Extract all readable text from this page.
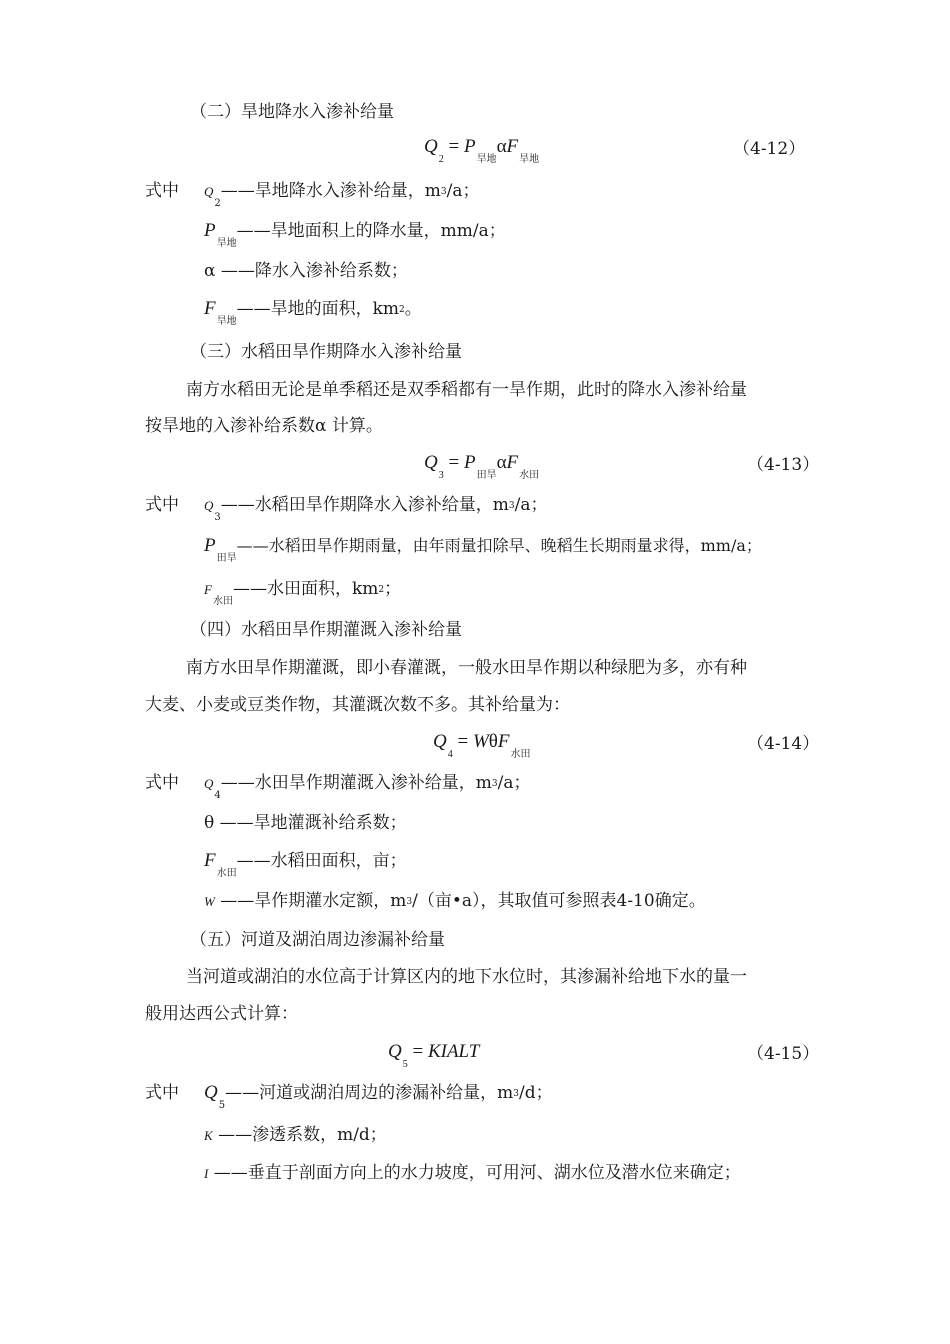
（二）旱地降水入渗补给量
$Q_2 = P_{旱地}\alpha F_{旱地}$
（4-12）
式中 $Q_2——$旱地降水入渗补给量，m3/a；
$P_{旱地}——$旱地面积上的降水量，mm/a；
α ——降水入渗补给系数；
$F_{旱地}——$旱地的面积，km2。
（三）水稻田旱作期降水入渗补给量
南方水稻田无论是单季稻还是双季稻都有一旱作期，此时的降水入渗补给量
按旱地的入渗补给系数α 计算。
$Q_3 = P_{田旱}\alpha F_{水田}$
（4-13）
式中 $Q_3——$水稻田旱作期降水入渗补给量，m3/a；
$P_{田旱}——$水稻田旱作期雨量，由年雨量扣除早、晚稻生长期雨量求得，mm/a；
$F_{水田}——$水田面积，km2；
（四）水稻田旱作期灌溉入渗补给量
南方水田旱作期灌溉，即小春灌溉，一般水田旱作期以种绿肥为多，亦有种
大麦、小麦或豆类作物，其灌溉次数不多。其补给量为：
$Q_4 = W\theta F_{水田}$
（4-14）
式中 $Q_4——$水田旱作期灌溉入渗补给量，m3/a；
θ ——旱地灌溉补给系数；
$F_{水田}——$水稻田面积，亩；
W ——旱作期灌水定额，m3/（亩•a），其取值可参照表4-10确定。
（五）河道及湖泊周边渗漏补给量
当河道或湖泊的水位高于计算区内的地下水位时，其渗漏补给地下水的量一
般用达西公式计算：
$Q_5$ = KIALT	（4-15）
式中 $Q_5——$河道或湖泊周边的渗漏补给量，m3/d；
K ——渗透系数，m/d；
I ——垂直于剖面方向上的水力坡度，可用河、湖水位及潜水位来确定；
